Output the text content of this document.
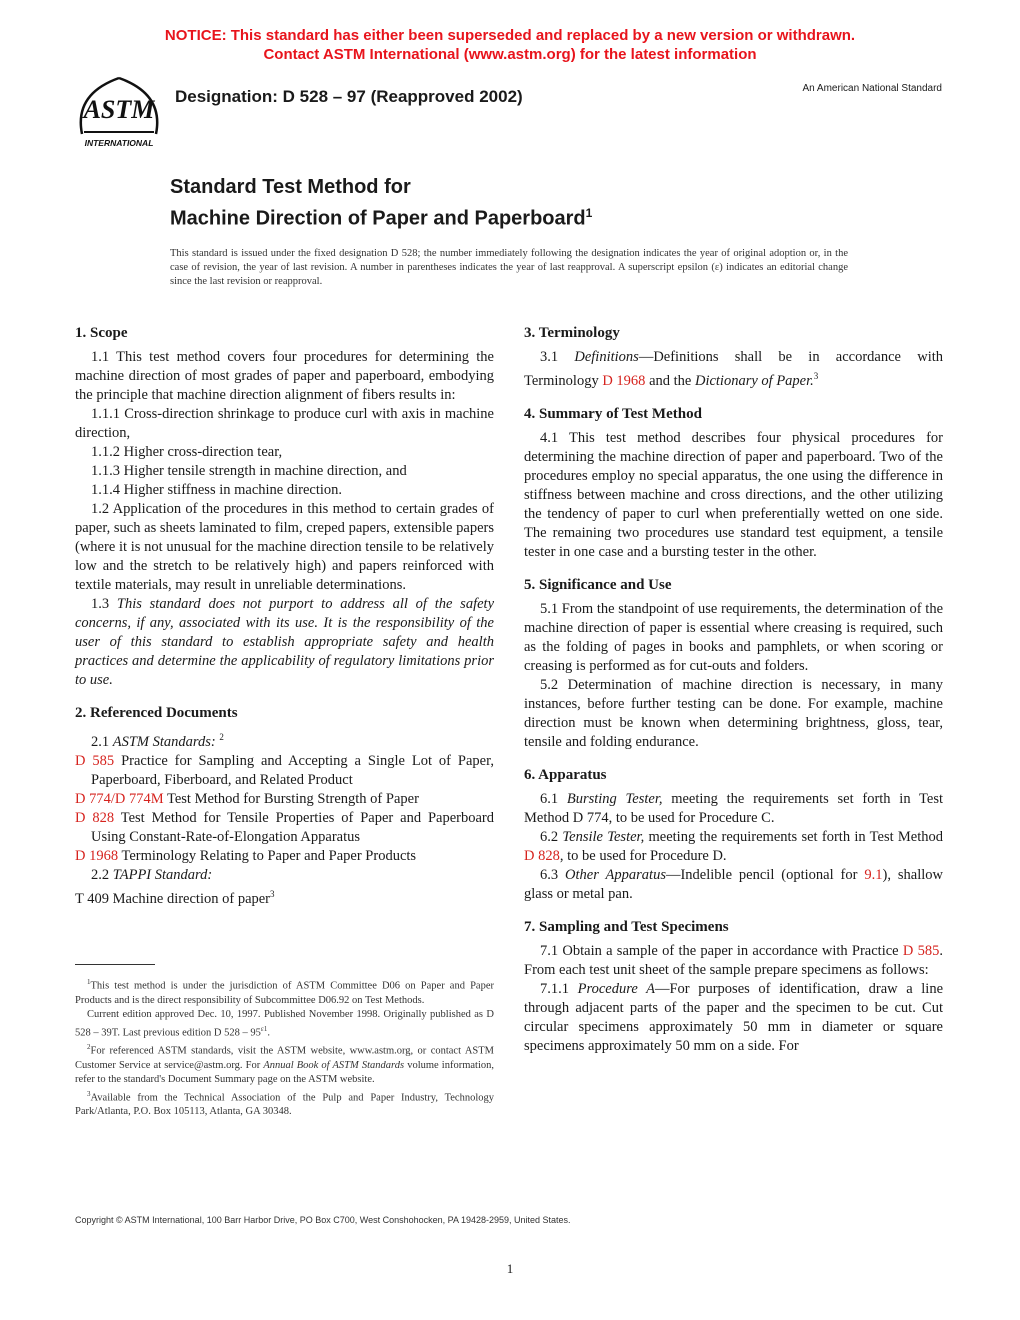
NOTICE: This standard has either been superseded and replaced by a new version or withdrawn.
Contact ASTM International (www.astm.org) for the latest information
ASTM
INTERNATIONAL
Designation: D 528 – 97 (Reapproved 2002)	An American National Standard
Standard Test Method for
Machine Direction of Paper and Paperboard$^1$
This standard is issued under the fixed designation D 528; the number immediately following the designation indicates the year of original adoption or, in the case of revision, the year of last revision. A number in parentheses indicates the year of last reapproval. A superscript epsilon (ε) indicates an editorial change since the last revision or reapproval.
1. Scope

1.1 This test method covers four procedures for determining the machine direction of most grades of paper and paperboard, embodying the principle that machine direction alignment of fibers results in:

1.1.1 Cross-direction shrinkage to produce curl with axis in machine direction,

1.1.2 Higher cross-direction tear,

1.1.3 Higher tensile strength in machine direction, and

1.1.4 Higher stiffness in machine direction.

1.2 Application of the procedures in this method to certain grades of paper, such as sheets laminated to film, creped papers, extensible papers (where it is not unusual for the machine direction tensile to be relatively low and the stretch to be relatively high) and papers reinforced with textile materials, may result in unreliable determinations.

1.3 This standard does not purport to address all of the safety concerns, if any, associated with its use. It is the responsibility of the user of this standard to establish appropriate safety and health practices and determine the applicability of regulatory limitations prior to use.

2. Referenced Documents

2.1 ASTM Standards: $^2$

D 585 Practice for Sampling and Accepting a Single Lot of Paper, Paperboard, Fiberboard, and Related Product

D 774/D 774M Test Method for Bursting Strength of Paper

D 828 Test Method for Tensile Properties of Paper and Paperboard Using Constant-Rate-of-Elongation Apparatus

D 1968 Terminology Relating to Paper and Paper Products

2.2 TAPPI Standard:

T 409 Machine direction of paper$^3$

3. Terminology

3.1 Definitions—Definitions shall be in accordance with Terminology D 1968 and the Dictionary of Paper.$^3$

4. Summary of Test Method

4.1 This test method describes four physical procedures for determining the machine direction of paper and paperboard. Two of the procedures employ no special apparatus, the one using the difference in stiffness between machine and cross directions, and the other utilizing the tendency of paper to curl when preferentially wetted on one side. The remaining two procedures use standard test equipment, a tensile tester in one case and a bursting tester in the other.

5. Significance and Use

5.1 From the standpoint of use requirements, the determination of the machine direction of paper is essential where creasing is required, such as the folding of pages in books and pamphlets, or when scoring or creasing is performed as for cut-outs and folders.

5.2 Determination of machine direction is necessary, in many instances, before further testing can be done. For example, machine direction must be known when determining brightness, gloss, tear, tensile and folding endurance.

6. Apparatus

6.1 Bursting Tester, meeting the requirements set forth in Test Method D 774, to be used for Procedure C.

6.2 Tensile Tester, meeting the requirements set forth in Test Method D 828, to be used for Procedure D.

6.3 Other Apparatus—Indelible pencil (optional for 9.1), shallow glass or metal pan.

7. Sampling and Test Specimens

7.1 Obtain a sample of the paper in accordance with Practice D 585. From each test unit sheet of the sample prepare specimens as follows:

7.1.1 Procedure A—For purposes of identification, draw a line through adjacent parts of the paper and the specimen to be cut. Cut circular specimens approximately 50 mm in diameter or square specimens approximately 50 mm on a side. For

$^1$This test method is under the jurisdiction of ASTM Committee D06 on Paper and Paper Products and is the direct responsibility of Subcommittee D06.92 on Test Methods.

Current edition approved Dec. 10, 1997. Published November 1998. Originally published as D 528 – 39T. Last previous edition D $528 - 95^{\varepsilon 1}$.

$^2$For referenced ASTM standards, visit the ASTM website, www.astm.org, or contact ASTM Customer Service at service@astm.org. For Annual Book of ASTM Standards volume information, refer to the standard's Document Summary page on the ASTM website.

$^3$Available from the Technical Association of the Pulp and Paper Industry, Technology Park/Atlanta, P.O. Box 105113, Atlanta, GA 30348.

Copyright © ASTM International, 100 Barr Harbor Drive, PO Box C700, West Conshohocken, PA 19428-2959, United States.
1
